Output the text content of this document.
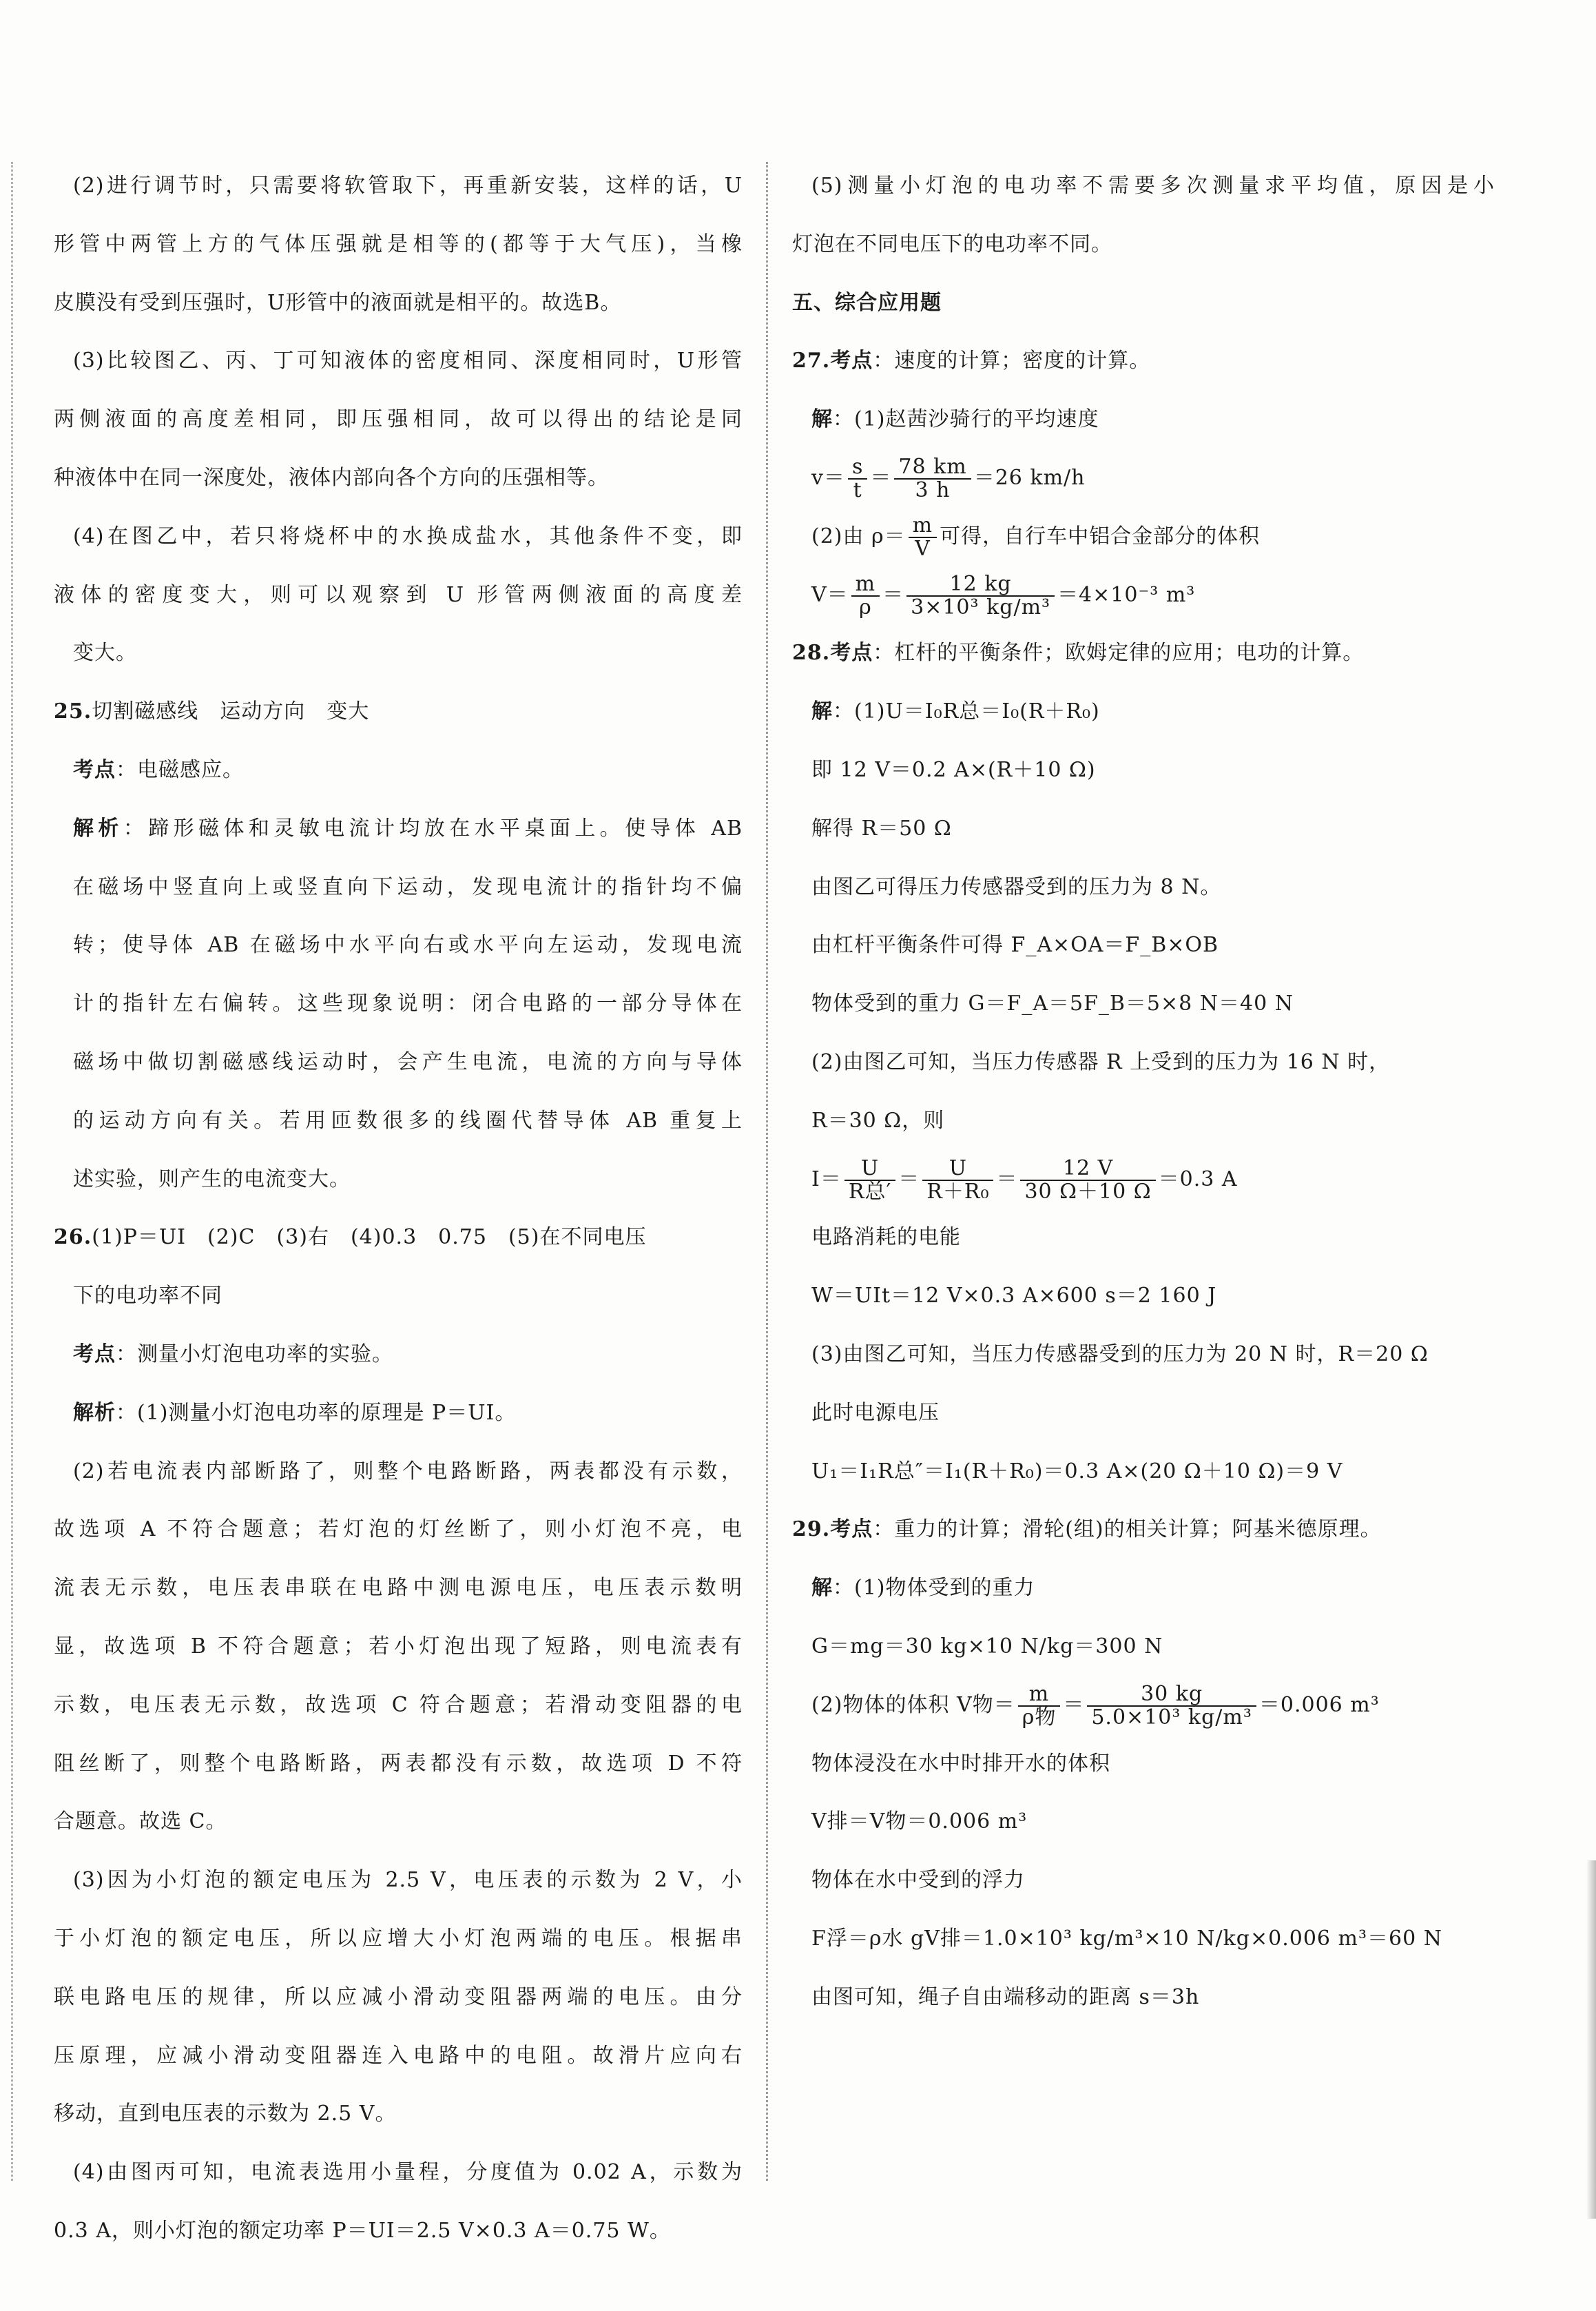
(2)进行调节时，只需要将软管取下，再重新安装，这样的话，U
形管中两管上方的气体压强就是相等的(都等于大气压)，当橡
皮膜没有受到压强时，U形管中的液面就是相平的。故选B。
(3)比较图乙、丙、丁可知液体的密度相同、深度相同时，U形管
两侧液面的高度差相同，即压强相同，故可以得出的结论是同
种液体中在同一深度处，液体内部向各个方向的压强相等。
(4)在图乙中，若只将烧杯中的水换成盐水，其他条件不变，即
液体的密度变大，则可以观察到 U 形管两侧液面的高度差
变大。
25.切割磁感线　运动方向　变大
考点：电磁感应。
解析：蹄形磁体和灵敏电流计均放在水平桌面上。使导体 AB
在磁场中竖直向上或竖直向下运动，发现电流计的指针均不偏
转；使导体 AB 在磁场中水平向右或水平向左运动，发现电流
计的指针左右偏转。这些现象说明：闭合电路的一部分导体在
磁场中做切割磁感线运动时，会产生电流，电流的方向与导体
的运动方向有关。若用匝数很多的线圈代替导体 AB 重复上
述实验，则产生的电流变大。
26.(1)P＝UI　(2)C　(3)右　(4)0.3　0.75　(5)在不同电压
下的电功率不同
考点：测量小灯泡电功率的实验。
解析：(1)测量小灯泡电功率的原理是 P＝UI。
(2)若电流表内部断路了，则整个电路断路，两表都没有示数，
故选项 A 不符合题意；若灯泡的灯丝断了，则小灯泡不亮，电
流表无示数，电压表串联在电路中测电源电压，电压表示数明
显，故选项 B 不符合题意；若小灯泡出现了短路，则电流表有
示数，电压表无示数，故选项 C 符合题意；若滑动变阻器的电
阻丝断了，则整个电路断路，两表都没有示数，故选项 D 不符
合题意。故选 C。
(3)因为小灯泡的额定电压为 2.5 V，电压表的示数为 2 V，小
于小灯泡的额定电压，所以应增大小灯泡两端的电压。根据串
联电路电压的规律，所以应减小滑动变阻器两端的电压。由分
压原理，应减小滑动变阻器连入电路中的电阻。故滑片应向右
移动，直到电压表的示数为 2.5 V。
(4)由图丙可知，电流表选用小量程，分度值为 0.02 A，示数为
0.3 A，则小灯泡的额定功率 P＝UI＝2.5 V×0.3 A＝0.75 W。
(5)测量小灯泡的电功率不需要多次测量求平均值，原因是小
灯泡在不同电压下的电功率不同。
五、综合应用题
27.考点：速度的计算；密度的计算。
解：(1)赵茜沙骑行的平均速度
$v= \frac{s}{t} = \frac{78 km}{3 h} =26$ km/h
(2)由 $\rho= \frac{m}{V}$ 可得，自行车中铝合金部分的体积
$V= \frac{m}{\rho} = \frac{12 kg}{\text{3×10³ kg/m³}} =4\times 10^{-3}$ m³
28.考点：杠杆的平衡条件；欧姆定律的应用；电功的计算。
解：(1)U＝I₀R总＝I₀(R＋R₀)
即 12 V＝0.2 A×(R＋10 Ω)
解得 R＝50 Ω
由图乙可得压力传感器受到的压力为 8 N。
由杠杆平衡条件可得 F_A×OA＝F_B×OB
物体受到的重力 G＝F_A＝5F_B＝5×8 N＝40 N
(2)由图乙可知，当压力传感器 R 上受到的压力为 16 N 时，
R＝30 Ω，则
$I= \frac{U}{\text{R总′}} = \frac{U}{\text{R＋R₀}} = \frac{12 V}{30 \Omega+10 \Omega} =0.3$ A
电路消耗的电能
W＝UIt＝12 V×0.3 A×600 s＝2 160 J
(3)由图乙可知，当压力传感器受到的压力为 20 N 时，R＝20 Ω
此时电源电压
U₁＝I₁R总″＝I₁(R＋R₀)＝0.3 A×(20 Ω＋10 Ω)＝9 V
29.考点：重力的计算；滑轮(组)的相关计算；阿基米德原理。
解：(1)物体受到的重力
G＝mg＝30 kg×10 N/kg＝300 N
(2)物体的体积 V物＝ $\frac{m}{\text{ρ物}} = \frac{30 kg}{\text{5.0×10³ kg/m³}} =0.006$ m³
物体浸没在水中时排开水的体积
V排＝V物＝0.006 m³
物体在水中受到的浮力
F浮＝ρ水 gV排＝1.0×10³ kg/m³×10 N/kg×0.006 m³＝60 N
由图可知，绳子自由端移动的距离 s＝3h
